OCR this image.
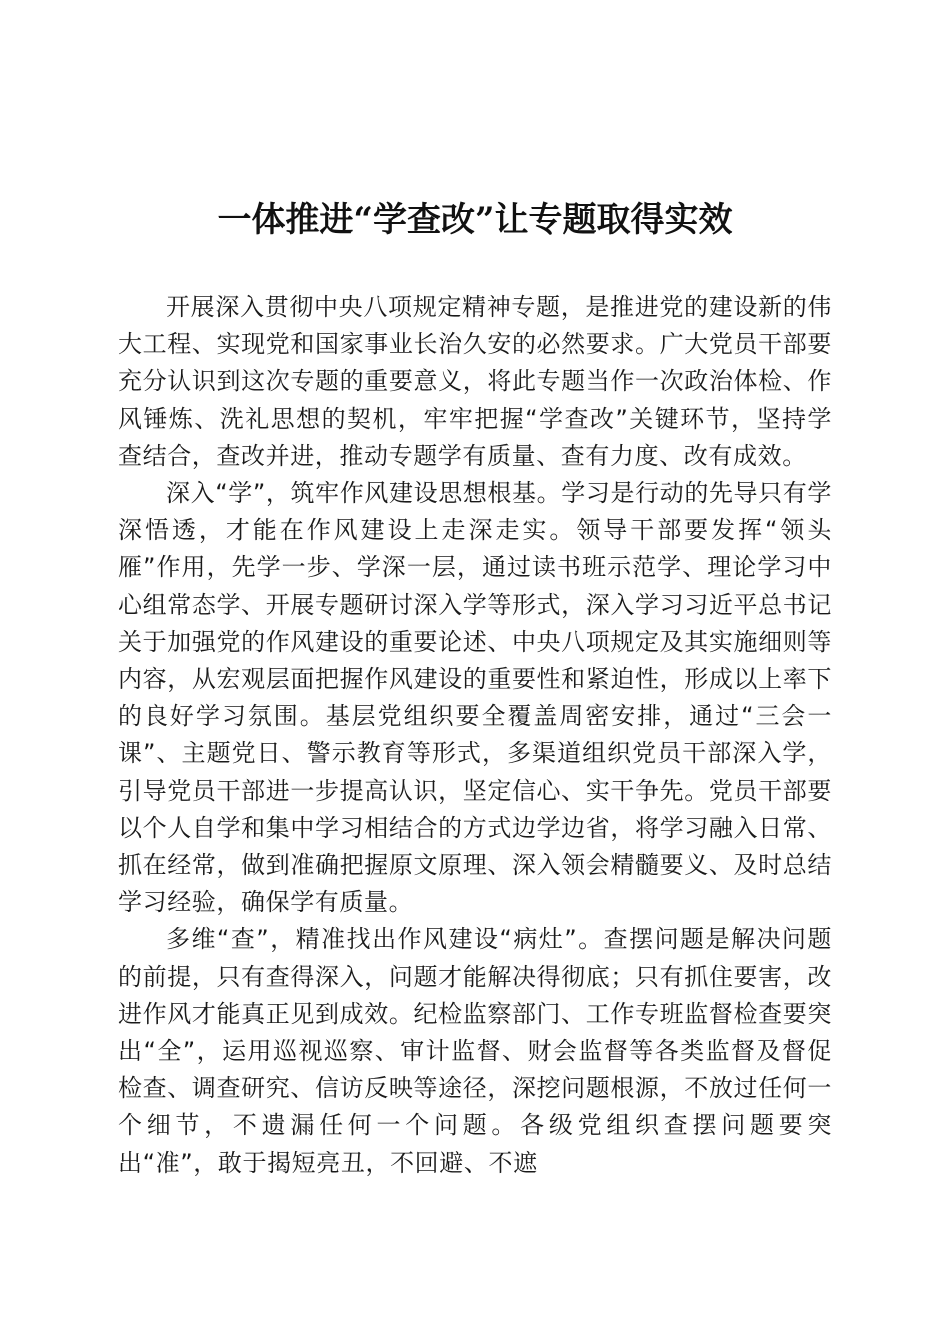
一体推进“学查改”让专题取得实效

开展深入贯彻中央八项规定精神专题，是推进党的建设新的伟大工程、实现党和国家事业长治久安的必然要求。广大党员干部要充分认识到这次专题的重要意义，将此专题当作一次政治体检、作风锤炼、洗礼思想的契机，牢牢把握“学查改”关键环节，坚持学查结合，查改并进，推动专题学有质量、查有力度、改有成效。

深入“学”，筑牢作风建设思想根基。学习是行动的先导只有学深悟透，才能在作风建设上走深走实。领导干部要发挥“领头雁”作用，先学一步、学深一层，通过读书班示范学、理论学习中心组常态学、开展专题研讨深入学等形式，深入学习习近平总书记关于加强党的作风建设的重要论述、中央八项规定及其实施细则等内容，从宏观层面把握作风建设的重要性和紧迫性，形成以上率下的良好学习氛围。基层党组织要全覆盖周密安排，通过“三会一课”、主题党日、警示教育等形式，多渠道组织党员干部深入学，引导党员干部进一步提高认识，坚定信心、实干争先。党员干部要以个人自学和集中学习相结合的方式边学边省，将学习融入日常、抓在经常，做到准确把握原文原理、深入领会精髓要义、及时总结学习经验，确保学有质量。

多维“查”，精准找出作风建设“病灶”。查摆问题是解决问题的前提，只有查得深入，问题才能解决得彻底；只有抓住要害，改进作风才能真正见到成效。纪检监察部门、工作专班监督检查要突出“全”，运用巡视巡察、审计监督、财会监督等各类监督及督促检查、调查研究、信访反映等途径，深挖问题根源，不放过任何一个细节，不遗漏任何一个问题。各级党组织查摆问题要突出“准”，敢于揭短亮丑，不回避、不遮
